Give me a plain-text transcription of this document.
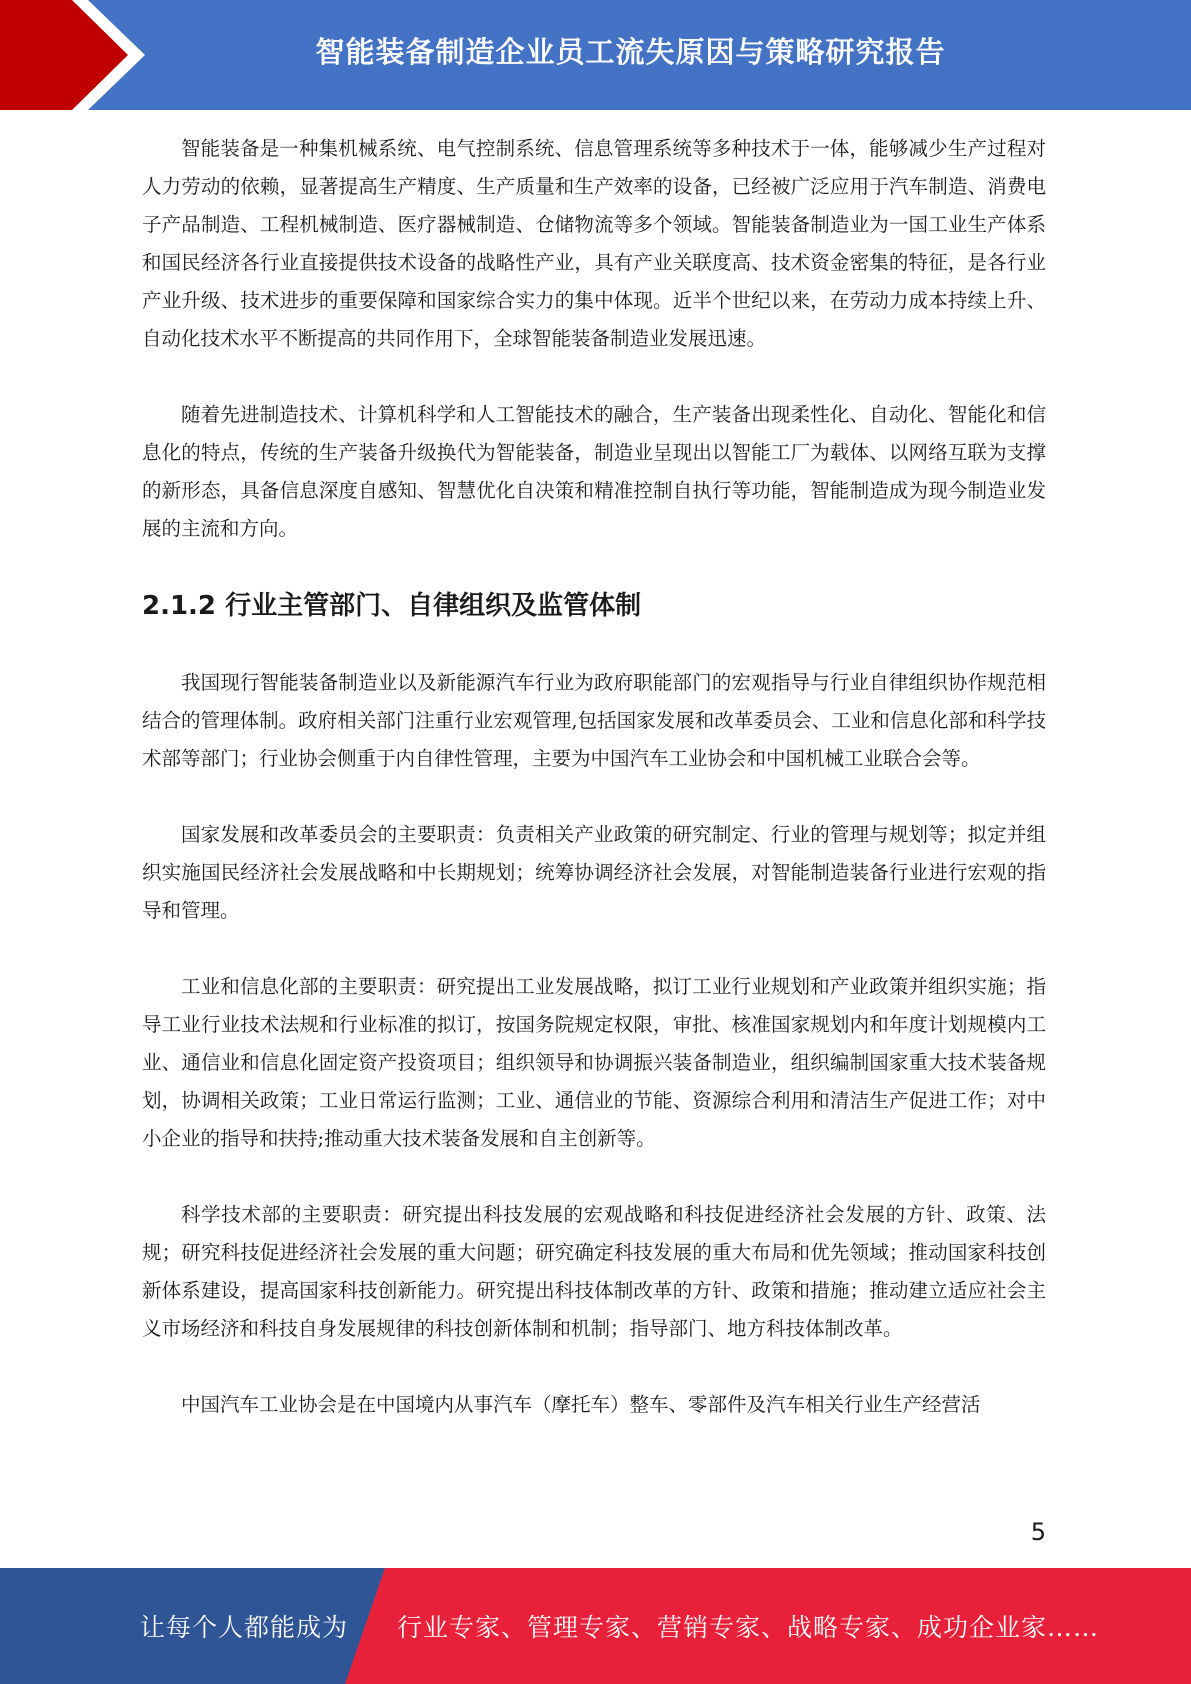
智能装备制造企业员工流失原因与策略研究报告

智能装备是一种集机械系统、电气控制系统、信息管理系统等多种技术于一体，能够减少生产过程对人力劳动的依赖，显著提高生产精度、生产质量和生产效率的设备，已经被广泛应用于汽车制造、消费电子产品制造、工程机械制造、医疗器械制造、仓储物流等多个领域。智能装备制造业为一国工业生产体系和国民经济各行业直接提供技术设备的战略性产业，具有产业关联度高、技术资金密集的特征，是各行业产业升级、技术进步的重要保障和国家综合实力的集中体现。近半个世纪以来，在劳动力成本持续上升、自动化技术水平不断提高的共同作用下，全球智能装备制造业发展迅速。

随着先进制造技术、计算机科学和人工智能技术的融合，生产装备出现柔性化、自动化、智能化和信息化的特点，传统的生产装备升级换代为智能装备，制造业呈现出以智能工厂为载体、以网络互联为支撑的新形态，具备信息深度自感知、智慧优化自决策和精准控制自执行等功能，智能制造成为现今制造业发展的主流和方向。

2.1.2 行业主管部门、自律组织及监管体制

我国现行智能装备制造业以及新能源汽车行业为政府职能部门的宏观指导与行业自律组织协作规范相结合的管理体制。政府相关部门注重行业宏观管理,包括国家发展和改革委员会、工业和信息化部和科学技术部等部门；行业协会侧重于内自律性管理，主要为中国汽车工业协会和中国机械工业联合会等。

国家发展和改革委员会的主要职责：负责相关产业政策的研究制定、行业的管理与规划等；拟定并组织实施国民经济社会发展战略和中长期规划；统筹协调经济社会发展，对智能制造装备行业进行宏观的指导和管理。

工业和信息化部的主要职责：研究提出工业发展战略，拟订工业行业规划和产业政策并组织实施；指导工业行业技术法规和行业标准的拟订，按国务院规定权限，审批、核准国家规划内和年度计划规模内工业、通信业和信息化固定资产投资项目；组织领导和协调振兴装备制造业，组织编制国家重大技术装备规划，协调相关政策；工业日常运行监测；工业、通信业的节能、资源综合利用和清洁生产促进工作；对中小企业的指导和扶持;推动重大技术装备发展和自主创新等。

科学技术部的主要职责：研究提出科技发展的宏观战略和科技促进经济社会发展的方针、政策、法规；研究科技促进经济社会发展的重大问题；研究确定科技发展的重大布局和优先领域；推动国家科技创新体系建设，提高国家科技创新能力。研究提出科技体制改革的方针、政策和措施；推动建立适应社会主义市场经济和科技自身发展规律的科技创新体制和机制；指导部门、地方科技体制改革。

中国汽车工业协会是在中国境内从事汽车（摩托车）整车、零部件及汽车相关行业生产经营活

5
让每个人都能成为 行业专家、管理专家、营销专家、战略专家、成功企业家……
